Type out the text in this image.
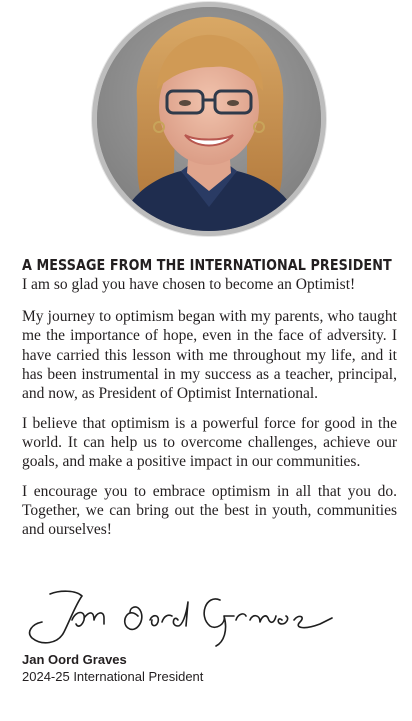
A MESSAGE FROM THE INTERNATIONAL PRESIDENT

I am so glad you have chosen to become an Optimist!

My journey to optimism began with my parents, who taught me the importance of hope, even in the face of adversity. I have carried this lesson with me throughout my life, and it has been instrumental in my success as a teacher, principal, and now, as President of Optimist International.

I believe that optimism is a powerful force for good in the world. It can help us to overcome challenges, achieve our goals, and make a positive impact in our communities.

I encourage you to embrace optimism in all that you do. Together, we can bring out the best in youth, communities and ourselves!

Jan Oord Graves
2024-25 International President
